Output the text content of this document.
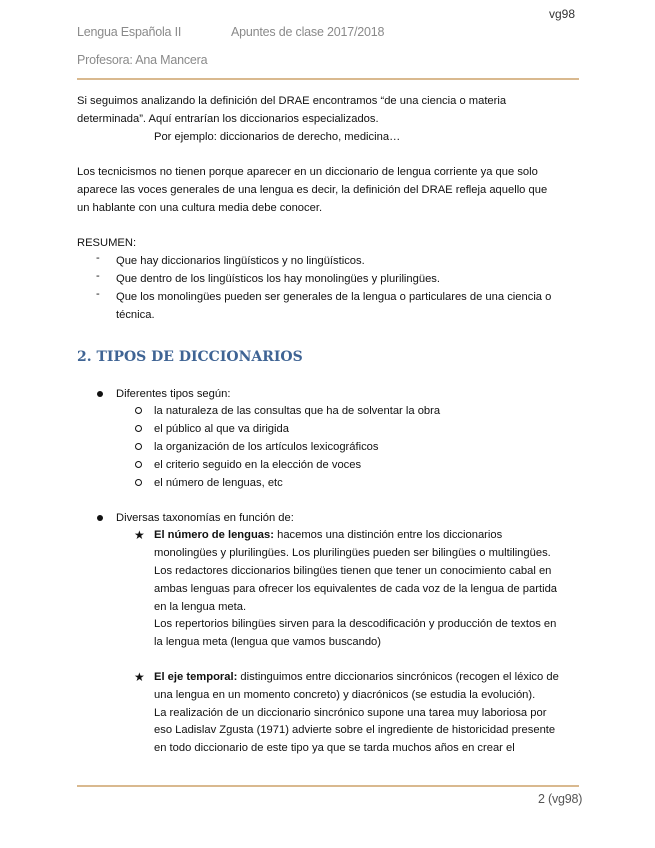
vg98
Lengua Española II	Apuntes de clase 2017/2018
Profesora: Ana Mancera
Si seguimos analizando la definición del DRAE encontramos “de una ciencia o materia
determinada”. Aquí entrarían los diccionarios especializados.
Por ejemplo: diccionarios de derecho, medicina…
Los tecnicismos no tienen porque aparecer en un diccionario de lengua corriente ya que solo
aparece las voces generales de una lengua es decir, la definición del DRAE refleja aquello que
un hablante con una cultura media debe conocer.
RESUMEN:
- Que hay diccionarios lingüísticos y no lingüísticos.
- Que dentro de los lingüísticos los hay monolingües y plurilingües.
- Que los monolingües pueden ser generales de la lengua o particulares de una ciencia o
técnica.
2. TIPOS DE DICCIONARIOS
Diferentes tipos según:
la naturaleza de las consultas que ha de solventar la obra
el público al que va dirigida
la organización de los artículos lexicográficos
el criterio seguido en la elección de voces
el número de lenguas, etc
Diversas taxonomías en función de:
★ El número de lenguas: hacemos una distinción entre los diccionarios
monolingües y plurilingües. Los plurilingües pueden ser bilingües o multilingües.
Los redactores diccionarios bilingües tienen que tener un conocimiento cabal en
ambas lenguas para ofrecer los equivalentes de cada voz de la lengua de partida
en la lengua meta.
Los repertorios bilingües sirven para la descodificación y producción de textos en
la lengua meta (lengua que vamos buscando)
★ El eje temporal: distinguimos entre diccionarios sincrónicos (recogen el léxico de
una lengua en un momento concreto) y diacrónicos (se estudia la evolución).
La realización de un diccionario sincrónico supone una tarea muy laboriosa por
eso Ladislav Zgusta (1971) advierte sobre el ingrediente de historicidad presente
en todo diccionario de este tipo ya que se tarda muchos años en crear el
2 (vg98)
